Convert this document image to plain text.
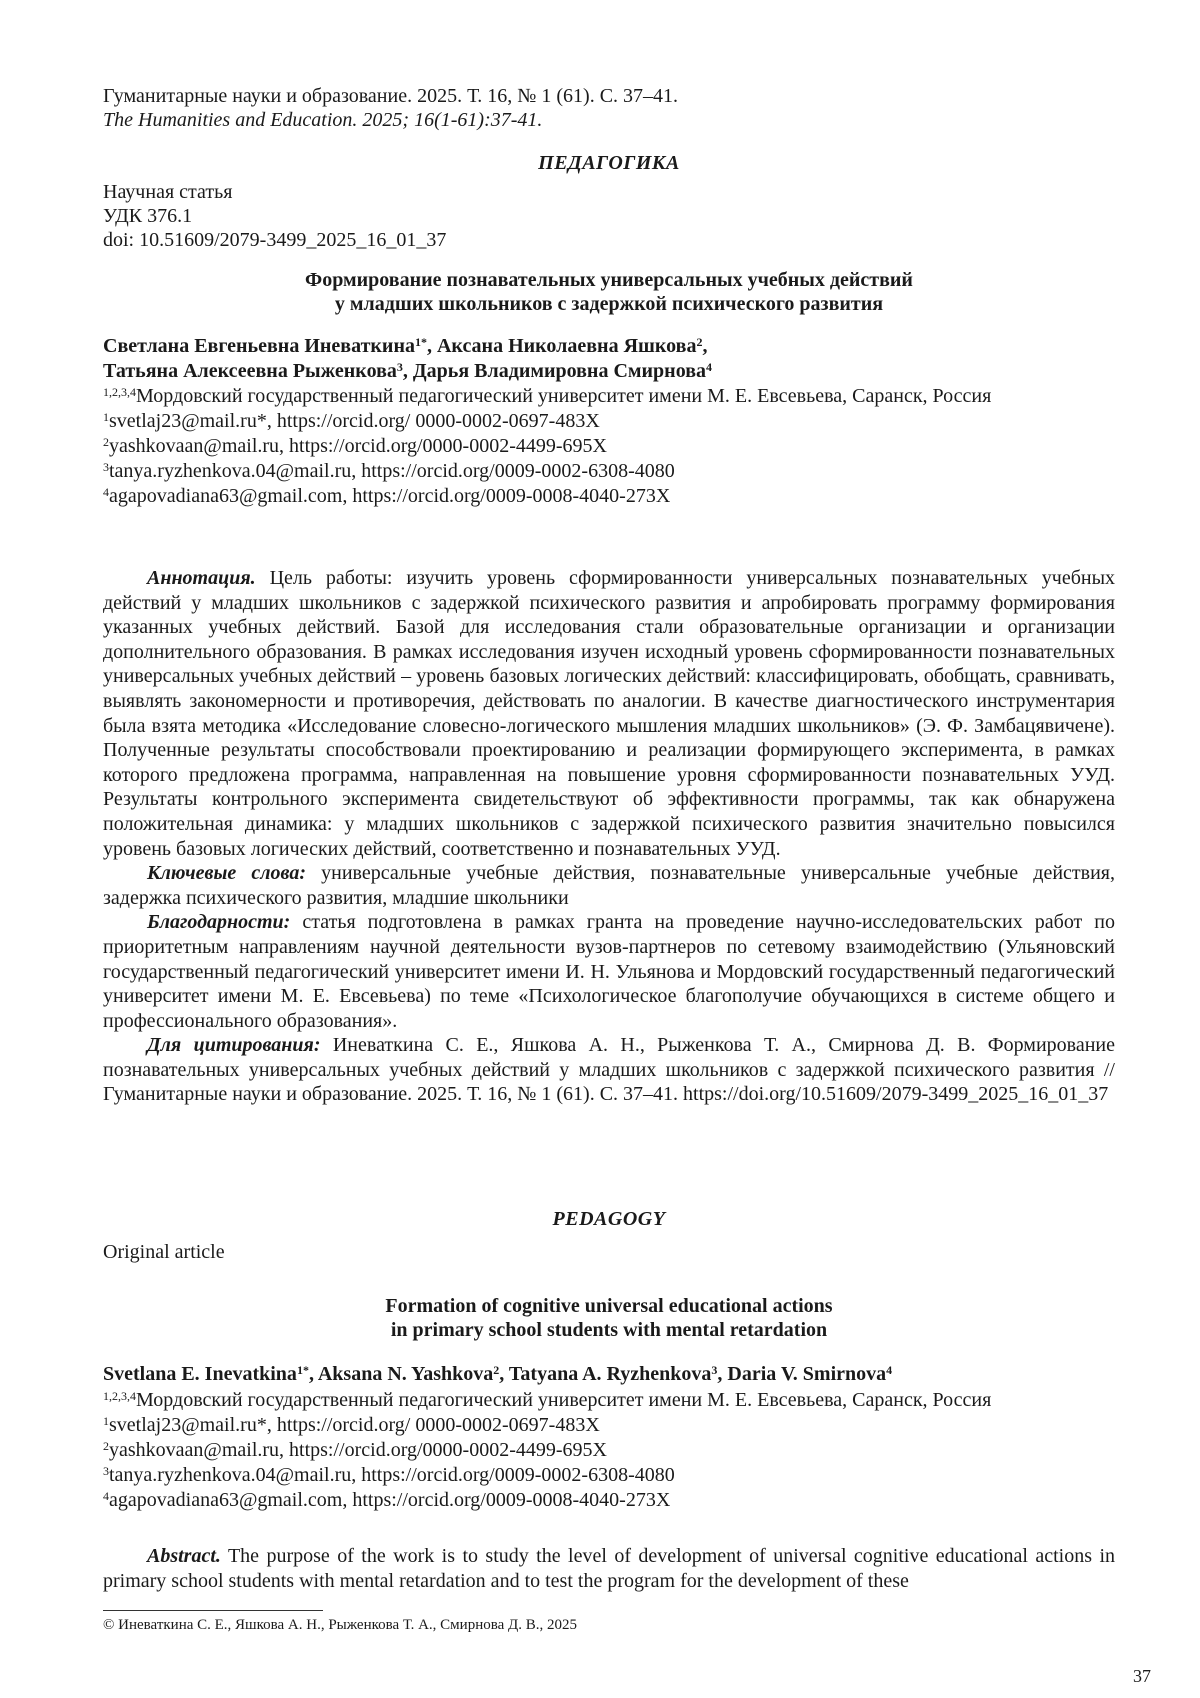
Гуманитарные науки и образование. 2025. Т. 16, № 1 (61). С. 37–41.
The Humanities and Education. 2025; 16(1-61):37-41.
ПЕДАГОГИКА
Научная статья
УДК 376.1
doi: 10.51609/2079-3499_2025_16_01_37
Формирование познавательных универсальных учебных действий
у младших школьников с задержкой психического развития
Светлана Евгеньевна Иневаткина$^{1*}$, Аксана Николаевна Яшкова$^2$,
Татьяна Алексеевна Рыженкова$^3$, Дарья Владимировна Смирнова$^4$
$^{1,2,3,4}$Мордовский государственный педагогический университет имени М. Е. Евсевьева, Саранск, Россия
$^1$svetlaj23@mail.ru*, https://orcid.org/ 0000-0002-0697-483X
$^2$yashkovaan@mail.ru, https://orcid.org/0000-0002-4499-695X
$^3$tanya.ryzhenkova.04@mail.ru, https://orcid.org/0009-0002-6308-4080
$^4$agapovadiana63@gmail.com, https://orcid.org/0009-0008-4040-273X

Аннотация. Цель работы: изучить уровень сформированности универсальных познавательных учебных действий у младших школьников с задержкой психического развития и апробировать программу формирования указанных учебных действий. Базой для исследования стали образовательные организации и организации дополнительного образования. В рамках исследования изучен исходный уровень сформированности познавательных универсальных учебных действий – уровень базовых логических действий: классифицировать, обобщать, сравнивать, выявлять закономерности и противоречия, действовать по аналогии. В качестве диагностического инструментария была взята методика «Исследование словесно-логического мышления младших школьников» (Э. Ф. Замбацявичене). Полученные результаты способствовали проектированию и реализации формирующего эксперимента, в рамках которого предложена программа, направленная на повышение уровня сформированности познавательных УУД. Результаты контрольного эксперимента свидетельствуют об эффективности программы, так как обнаружена положительная динамика: у младших школьников с задержкой психического развития значительно повысился уровень базовых логических действий, соответственно и познавательных УУД.

Ключевые слова: универсальные учебные действия, познавательные универсальные учебные действия, задержка психического развития, младшие школьники

Благодарности: статья подготовлена в рамках гранта на проведение научно-исследовательских работ по приоритетным направлениям научной деятельности вузов-партнеров по сетевому взаимодействию (Ульяновский государственный педагогический университет имени И. Н. Ульянова и Мордовский государственный педагогический университет имени М. Е. Евсевьева) по теме «Психологическое благополучие обучающихся в системе общего и профессионального образования».

Для цитирования: Иневаткина С. Е., Яшкова А. Н., Рыженкова Т. А., Смирнова Д. В. Формирование познавательных универсальных учебных действий у младших школьников с задержкой психического развития // Гуманитарные науки и образование. 2025. Т. 16, № 1 (61). С. 37–41. https://doi.org/10.51609/2079-3499_2025_16_01_37

PEDAGOGY
Original article
Formation of cognitive universal educational actions
in primary school students with mental retardation
Svetlana E. Inevatkina$^{1*}$, Aksana N. Yashkova$^2$, Tatyana A. Ryzhenkova$^3$, Daria V. Smirnova$^4$
$^{1,2,3,4}$Мордовский государственный педагогический университет имени М. Е. Евсевьева, Саранск, Россия
$^1$svetlaj23@mail.ru*, https://orcid.org/ 0000-0002-0697-483X
$^2$yashkovaan@mail.ru, https://orcid.org/0000-0002-4499-695X
$^3$tanya.ryzhenkova.04@mail.ru, https://orcid.org/0009-0002-6308-4080
$^4$agapovadiana63@gmail.com, https://orcid.org/0009-0008-4040-273X

Abstract. The purpose of the work is to study the level of development of universal cognitive educational actions in primary school students with mental retardation and to test the program for the development of these

© Иневаткина С. Е., Яшкова А. Н., Рыженкова Т. А., Смирнова Д. В., 2025
37
